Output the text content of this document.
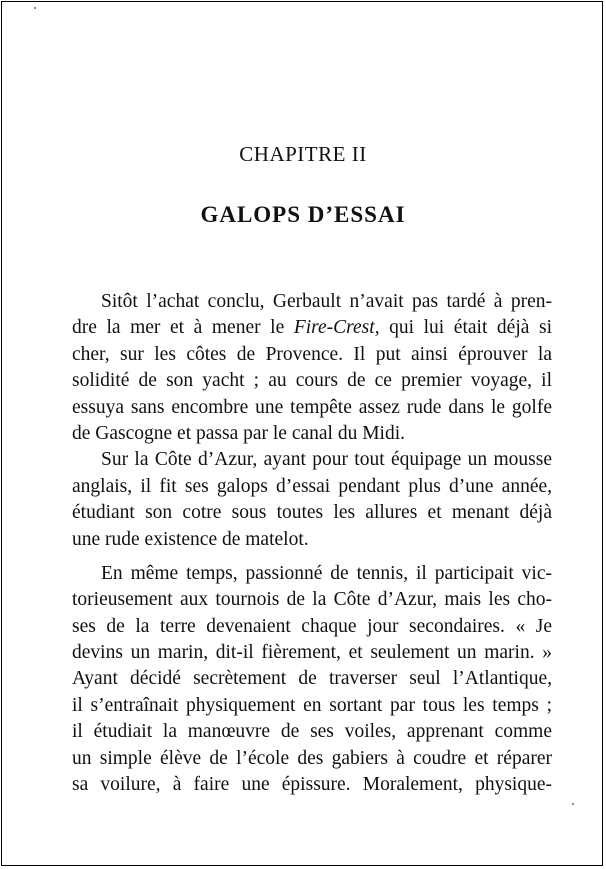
CHAPITRE II
GALOPS D’ESSAI
Sitôt l’achat conclu, Gerbault n’avait pas tardé à pren-
dre la mer et à mener le Fire-Crest, qui lui était déjà si
cher, sur les côtes de Provence. Il put ainsi éprouver la
solidité de son yacht ; au cours de ce premier voyage, il
essuya sans encombre une tempête assez rude dans le golfe
de Gascogne et passa par le canal du Midi.
Sur la Côte d’Azur, ayant pour tout équipage un mousse
anglais, il fit ses galops d’essai pendant plus d’une année,
étudiant son cotre sous toutes les allures et menant déjà
une rude existence de matelot.
En même temps, passionné de tennis, il participait vic-
torieusement aux tournois de la Côte d’Azur, mais les cho-
ses de la terre devenaient chaque jour secondaires. « Je
devins un marin, dit-il fièrement, et seulement un marin. »
Ayant décidé secrètement de traverser seul l’Atlantique,
il s’entraînait physiquement en sortant par tous les temps ;
il étudiait la manœuvre de ses voiles, apprenant comme
un simple élève de l’école des gabiers à coudre et réparer
sa voilure, à faire une épissure. Moralement, physique-
